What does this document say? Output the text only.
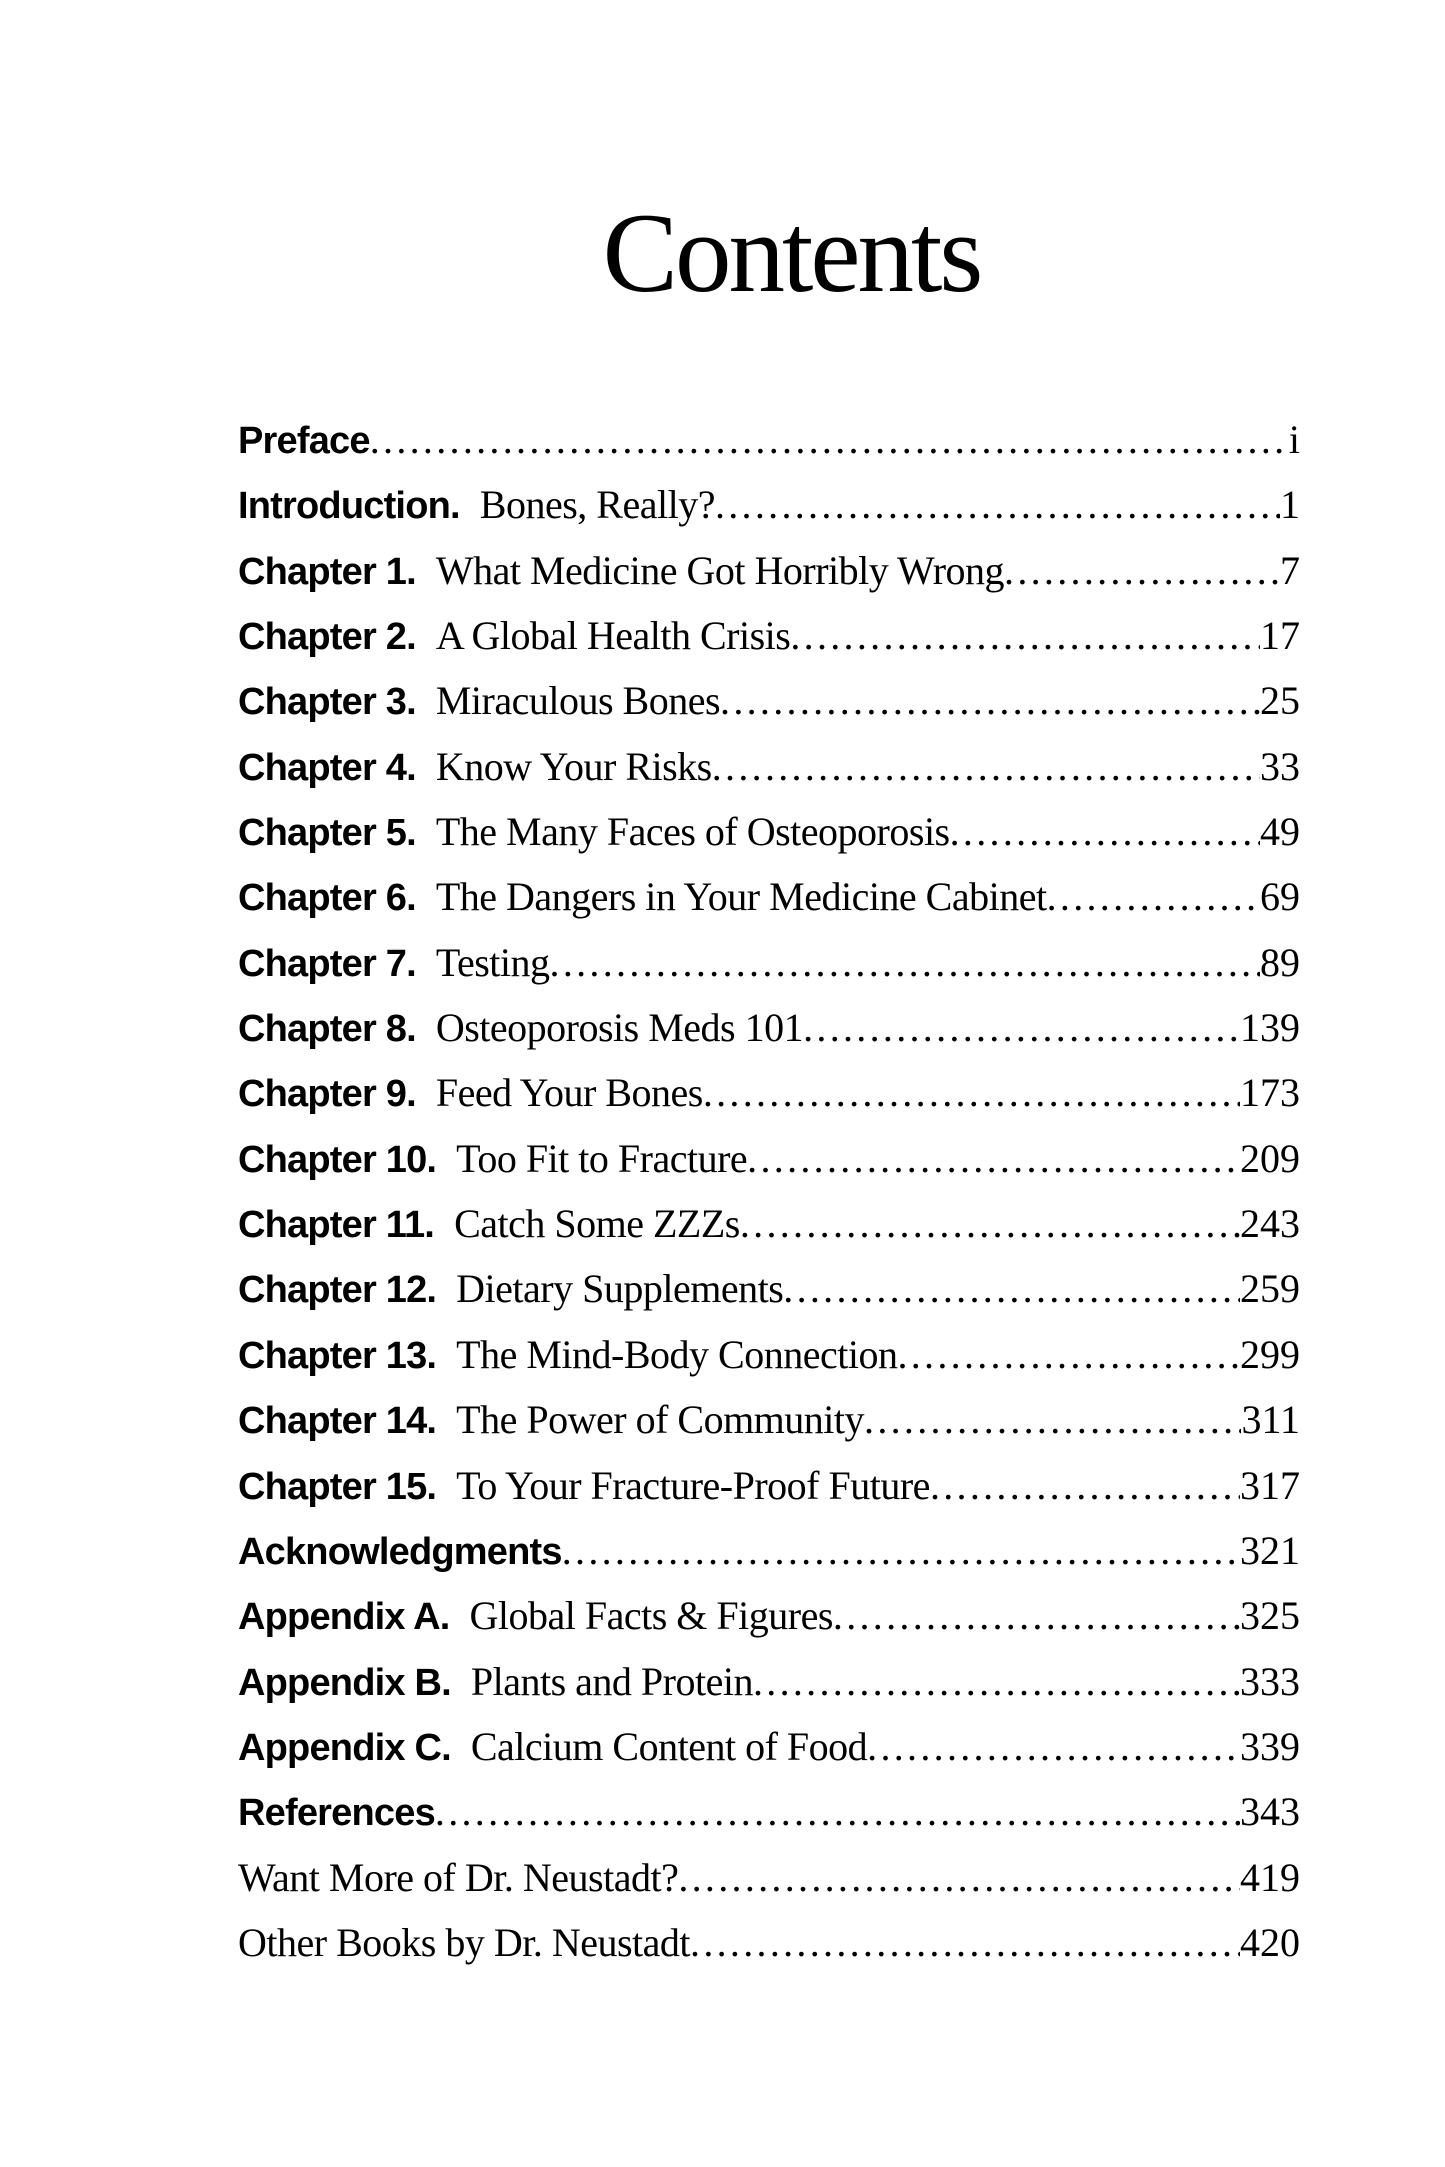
Contents
Preface .....	i
Introduction. Bones, Really? .....	1
Chapter 1. What Medicine Got Horribly Wrong .....	7
Chapter 2. A Global Health Crisis .....	17
Chapter 3. Miraculous Bones .....	25
Chapter 4. Know Your Risks .....	33
Chapter 5. The Many Faces of Osteoporosis .....	49
Chapter 6. The Dangers in Your Medicine Cabinet .....	69
Chapter 7. Testing .....	89
Chapter 8. Osteoporosis Meds 101 .....	139
Chapter 9. Feed Your Bones .....	173
Chapter 10. Too Fit to Fracture .....	209
Chapter 11. Catch Some ZZZs .....	243
Chapter 12. Dietary Supplements .....	259
Chapter 13. The Mind-Body Connection .....	299
Chapter 14. The Power of Community .....	311
Chapter 15. To Your Fracture-Proof Future .....	317
Acknowledgments .....	321
Appendix A. Global Facts & Figures .....	325
Appendix B. Plants and Protein .....	333
Appendix C. Calcium Content of Food .....	339
References .....	343
Want More of Dr. Neustadt? .....	419
Other Books by Dr. Neustadt .....	420
